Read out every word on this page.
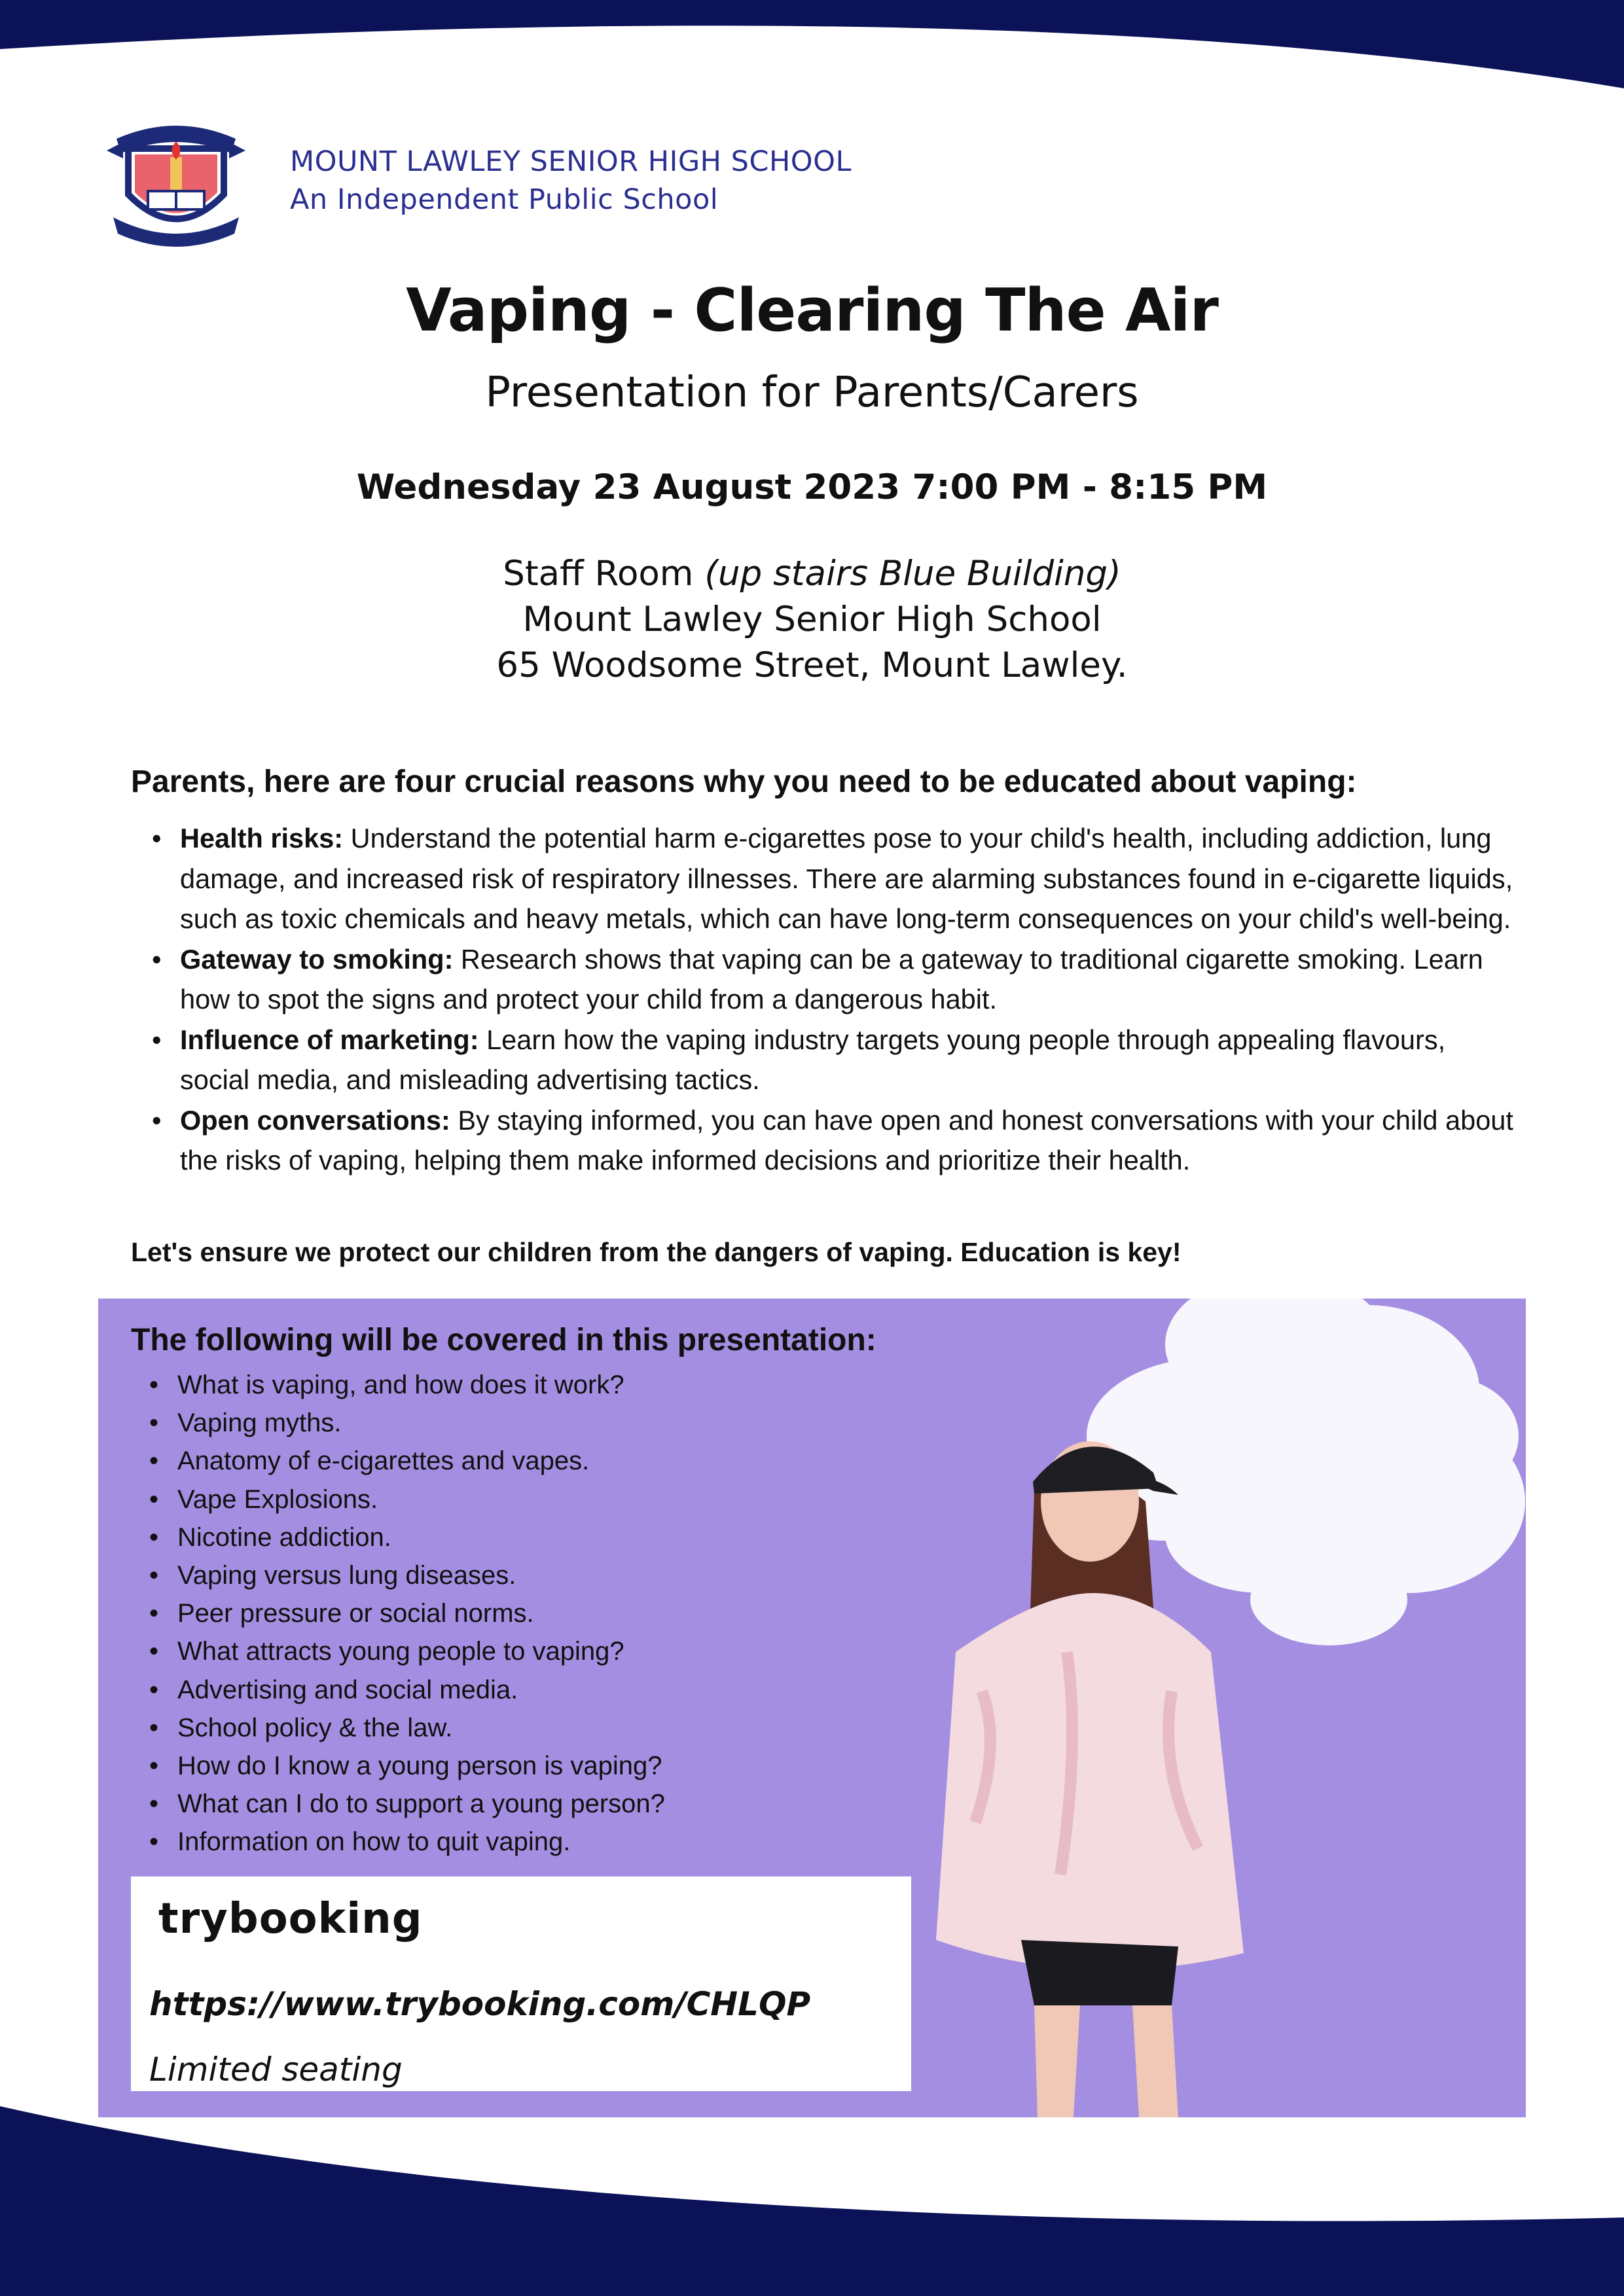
MOUNT LAWLEY SENIOR HIGH SCHOOL
An Independent Public School
Vaping - Clearing The Air
Presentation for Parents/Carers
Wednesday 23 August 2023 7:00 PM - 8:15 PM
Staff Room (up stairs Blue Building)
Mount Lawley Senior High School
65 Woodsome Street, Mount Lawley.
Parents, here are four crucial reasons why you need to be educated about vaping:
• Health risks: Understand the potential harm e-cigarettes pose to your child's health, including addiction, lung damage, and increased risk of respiratory illnesses. There are alarming substances found in e-cigarette liquids, such as toxic chemicals and heavy metals, which can have long-term consequences on your child's well-being.
• Gateway to smoking: Research shows that vaping can be a gateway to traditional cigarette smoking. Learn how to spot the signs and protect your child from a dangerous habit.
• Influence of marketing: Learn how the vaping industry targets young people through appealing flavours, social media, and misleading advertising tactics.
• Open conversations: By staying informed, you can have open and honest conversations with your child about the risks of vaping, helping them make informed decisions and prioritize their health.
Let's ensure we protect our children from the dangers of vaping. Education is key!
The following will be covered in this presentation:
• What is vaping, and how does it work?
• Vaping myths.
• Anatomy of e-cigarettes and vapes.
• Vape Explosions.
• Nicotine addiction.
• Vaping versus lung diseases.
• Peer pressure or social norms.
• What attracts young people to vaping?
• Advertising and social media.
• School policy & the law.
• How do I know a young person is vaping?
• What can I do to support a young person?
• Information on how to quit vaping.
trybooking
https://www.trybooking.com/CHLQP
Limited seating
